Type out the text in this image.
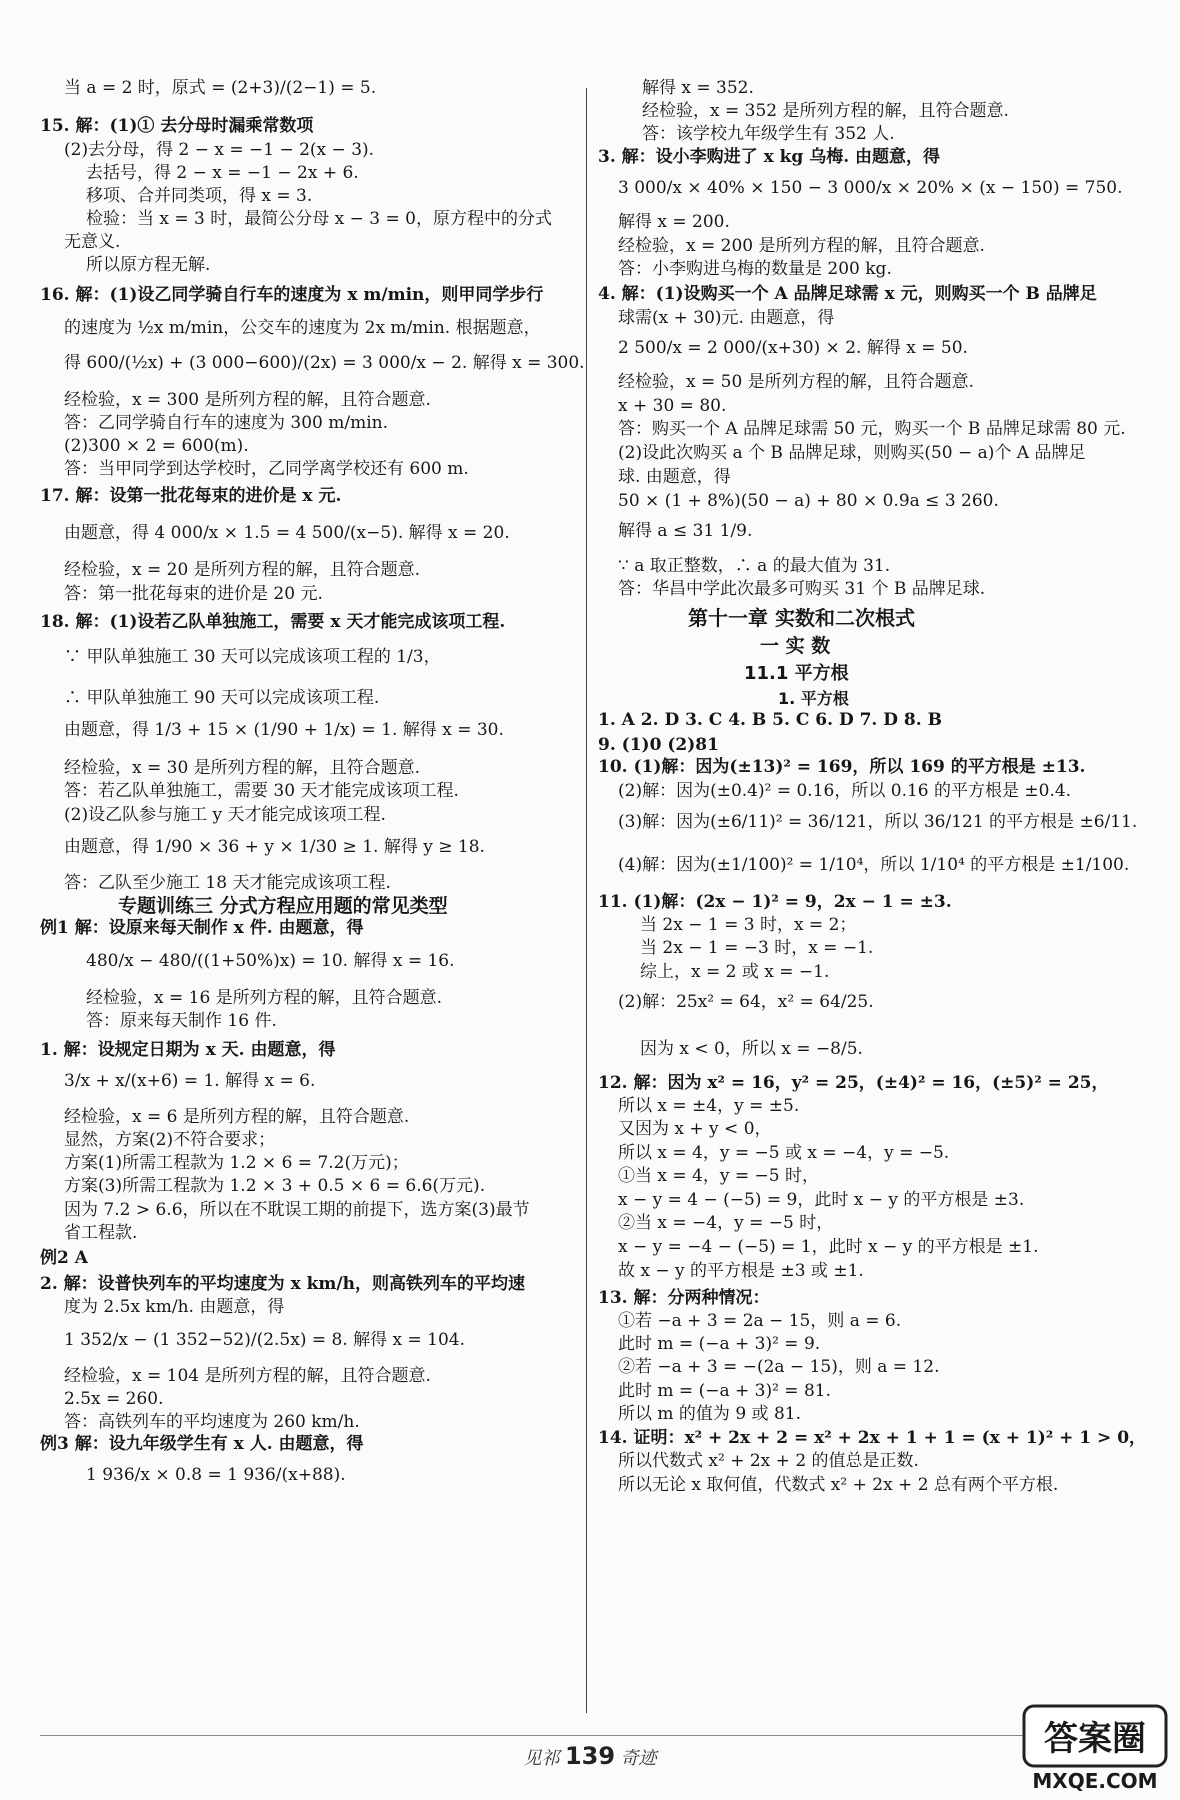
当 a = 2 时，原式 = (2+3)/(2−1) = 5.
15. 解：(1)① 去分母时漏乘常数项
(2)去分母，得 2 − x = −1 − 2(x − 3).
去括号，得 2 − x = −1 − 2x + 6.
移项、合并同类项，得 x = 3.
检验：当 x = 3 时，最简公分母 x − 3 = 0，原方程中的分式
无意义.
所以原方程无解.
16. 解：(1)设乙同学骑自行车的速度为 x m/min，则甲同学步行
的速度为 ½x m/min，公交车的速度为 2x m/min. 根据题意，
得 600/(½x) + (3 000−600)/(2x) = 3 000/x − 2. 解得 x = 300.
经检验，x = 300 是所列方程的解，且符合题意.
答：乙同学骑自行车的速度为 300 m/min.
(2)300 × 2 = 600(m).
答：当甲同学到达学校时，乙同学离学校还有 600 m.
17. 解：设第一批花每束的进价是 x 元.
由题意，得 4 000/x × 1.5 = 4 500/(x−5). 解得 x = 20.
经检验，x = 20 是所列方程的解，且符合题意.
答：第一批花每束的进价是 20 元.
18. 解：(1)设若乙队单独施工，需要 x 天才能完成该项工程.
∵ 甲队单独施工 30 天可以完成该项工程的 1/3，
∴ 甲队单独施工 90 天可以完成该项工程.
由题意，得 1/3 + 15 × (1/90 + 1/x) = 1. 解得 x = 30.
经检验，x = 30 是所列方程的解，且符合题意.
答：若乙队单独施工，需要 30 天才能完成该项工程.
(2)设乙队参与施工 y 天才能完成该项工程.
由题意，得 1/90 × 36 + y × 1/30 ≥ 1. 解得 y ≥ 18.
答：乙队至少施工 18 天才能完成该项工程.
例1 解：设原来每天制作 x 件. 由题意，得
480/x − 480/((1+50%)x) = 10. 解得 x = 16.
经检验，x = 16 是所列方程的解，且符合题意.
答：原来每天制作 16 件.
1. 解：设规定日期为 x 天. 由题意，得
3/x + x/(x+6) = 1. 解得 x = 6.
经检验，x = 6 是所列方程的解，且符合题意.
显然，方案(2)不符合要求；
方案(1)所需工程款为 1.2 × 6 = 7.2(万元)；
方案(3)所需工程款为 1.2 × 3 + 0.5 × 6 = 6.6(万元).
因为 7.2 > 6.6，所以在不耽误工期的前提下，选方案(3)最节
省工程款.
例2 A
2. 解：设普快列车的平均速度为 x km/h，则高铁列车的平均速
度为 2.5x km/h. 由题意，得
1 352/x − (1 352−52)/(2.5x) = 8. 解得 x = 104.
经检验，x = 104 是所列方程的解，且符合题意.
2.5x = 260.
答：高铁列车的平均速度为 260 km/h.
例3 解：设九年级学生有 x 人. 由题意，得
1 936/x × 0.8 = 1 936/(x+88).
解得 x = 352.
经检验，x = 352 是所列方程的解，且符合题意.
答：该学校九年级学生有 352 人.
3. 解：设小李购进了 x kg 乌梅. 由题意，得
3 000/x × 40% × 150 − 3 000/x × 20% × (x − 150) = 750.
解得 x = 200.
经检验，x = 200 是所列方程的解，且符合题意.
答：小李购进乌梅的数量是 200 kg.
4. 解：(1)设购买一个 A 品牌足球需 x 元，则购买一个 B 品牌足
球需(x + 30)元. 由题意，得
2 500/x = 2 000/(x+30) × 2. 解得 x = 50.
经检验，x = 50 是所列方程的解，且符合题意.
x + 30 = 80.
答：购买一个 A 品牌足球需 50 元，购买一个 B 品牌足球需 80 元.
(2)设此次购买 a 个 B 品牌足球，则购买(50 − a)个 A 品牌足
球. 由题意，得
50 × (1 + 8%)(50 − a) + 80 × 0.9a ≤ 3 260.
解得 a ≤ 31 1/9.
∵ a 取正整数，∴ a 的最大值为 31.
答：华昌中学此次最多可购买 31 个 B 品牌足球.
1. A 2. D 3. C 4. B 5. C 6. D 7. D 8. B
9. (1)0 (2)81
10. (1)解：因为(±13)² = 169，所以 169 的平方根是 ±13.
(2)解：因为(±0.4)² = 0.16，所以 0.16 的平方根是 ±0.4.
(3)解：因为(±6/11)² = 36/121，所以 36/121 的平方根是 ±6/11.
(4)解：因为(±1/100)² = 1/10⁴，所以 1/10⁴ 的平方根是 ±1/100.
11. (1)解：(2x − 1)² = 9，2x − 1 = ±3.
当 2x − 1 = 3 时，x = 2；
当 2x − 1 = −3 时，x = −1.
综上，x = 2 或 x = −1.
(2)解：25x² = 64，x² = 64/25.
因为 x < 0，所以 x = −8/5.
12. 解：因为 x² = 16，y² = 25，(±4)² = 16，(±5)² = 25，
所以 x = ±4，y = ±5.
又因为 x + y < 0，
所以 x = 4，y = −5 或 x = −4，y = −5.
①当 x = 4，y = −5 时，
x − y = 4 − (−5) = 9，此时 x − y 的平方根是 ±3.
②当 x = −4，y = −5 时，
x − y = −4 − (−5) = 1，此时 x − y 的平方根是 ±1.
故 x − y 的平方根是 ±3 或 ±1.
13. 解：分两种情况：
①若 −a + 3 = 2a − 15，则 a = 6.
此时 m = (−a + 3)² = 9.
②若 −a + 3 = −(2a − 15)，则 a = 12.
此时 m = (−a + 3)² = 81.
所以 m 的值为 9 或 81.
14. 证明：x² + 2x + 2 = x² + 2x + 1 + 1 = (x + 1)² + 1 > 0，
所以代数式 x² + 2x + 2 的值总是正数.
所以无论 x 取何值，代数式 x² + 2x + 2 总有两个平方根.
专题训练三 分式方程应用题的常见类型
第十一章 实数和二次根式
一 实 数
11.1 平方根
1. 平方根
见祁 139 奇迹	答案圈
MXQE.COM
